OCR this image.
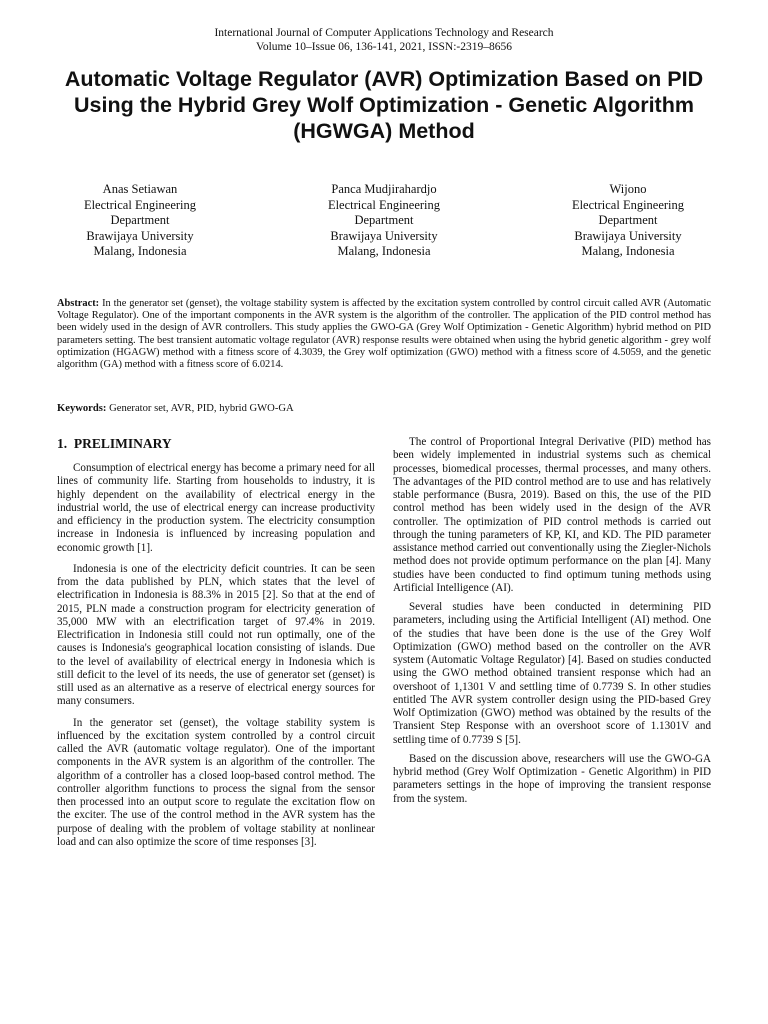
International Journal of Computer Applications Technology and Research
Volume 10–Issue 06, 136-141, 2021, ISSN:-2319–8656
Automatic Voltage Regulator (AVR) Optimization Based on PID Using the Hybrid Grey Wolf Optimization - Genetic Algorithm (HGWGA) Method
Anas Setiawan
Electrical Engineering
Department
Brawijaya University
Malang, Indonesia
Panca Mudjirahardjo
Electrical Engineering
Department
Brawijaya University
Malang, Indonesia
Wijono
Electrical Engineering
Department
Brawijaya University
Malang, Indonesia
Abstract: In the generator set (genset), the voltage stability system is affected by the excitation system controlled by control circuit called AVR (Automatic Voltage Regulator). One of the important components in the AVR system is the algorithm of the controller. The application of the PID control method has been widely used in the design of AVR controllers. This study applies the GWO-GA (Grey Wolf Optimization - Genetic Algorithm) hybrid method on PID parameters setting. The best transient automatic voltage regulator (AVR) response results were obtained when using the hybrid genetic algorithm - grey wolf optimization (HGAGW) method with a fitness score of 4.3039, the Grey wolf optimization (GWO) method with a fitness score of 4.5059, and the genetic algorithm (GA) method with a fitness score of 6.0214.
Keywords: Generator set, AVR, PID, hybrid GWO-GA
1. PRELIMINARY

Consumption of electrical energy has become a primary need for all lines of community life. Starting from households to industry, it is highly dependent on the availability of electrical energy in the industrial world, the use of electrical energy can increase productivity and efficiency in the production system. The electricity consumption increase in Indonesia is influenced by increasing population and economic growth [1].

Indonesia is one of the electricity deficit countries. It can be seen from the data published by PLN, which states that the level of electrification in Indonesia is 88.3% in 2015 [2]. So that at the end of 2015, PLN made a construction program for electricity generation of 35,000 MW with an electrification target of 97.4% in 2019. Electrification in Indonesia still could not run optimally, one of the causes is Indonesia's geographical location consisting of islands. Due to the level of availability of electrical energy in Indonesia which is still deficit to the level of its needs, the use of generator set (genset) is still used as an alternative as a reserve of electrical energy sources for many consumers.

In the generator set (genset), the voltage stability system is influenced by the excitation system controlled by a control circuit called the AVR (automatic voltage regulator). One of the important components in the AVR system is an algorithm of the controller. The algorithm of a controller has a closed loop-based control method. The controller algorithm functions to process the signal from the sensor then processed into an output score to regulate the excitation flow on the exciter. The use of the control method in the AVR system has the purpose of dealing with the problem of voltage stability at nonlinear load and can also optimize the score of time responses [3].

The control of Proportional Integral Derivative (PID) method has been widely implemented in industrial systems such as chemical processes, biomedical processes, thermal processes, and many others. The advantages of the PID control method are to use and has relatively stable performance (Busra, 2019). Based on this, the use of the PID control method has been widely used in the design of the AVR controller. The optimization of PID control methods is carried out through the tuning parameters of KP, KI, and KD. The PID parameter assistance method carried out conventionally using the Ziegler-Nichols method does not provide optimum performance on the plan [4]. Many studies have been conducted to find optimum tuning methods using Artificial Intelligence (AI).

Several studies have been conducted in determining PID parameters, including using the Artificial Intelligent (AI) method. One of the studies that have been done is the use of the Grey Wolf Optimization (GWO) method based on the controller on the AVR system (Automatic Voltage Regulator) [4]. Based on studies conducted using the GWO method obtained transient response which had an overshoot of 1,1301 V and settling time of 0.7739 S. In other studies entitled The AVR system controller design using the PID-based Grey Wolf Optimization (GWO) method was obtained by the results of the Transient Step Response with an overshoot score of 1.1301V and settling time of 0.7739 S [5].

Based on the discussion above, researchers will use the GWO-GA hybrid method (Grey Wolf Optimization - Genetic Algorithm) in PID parameters settings in the hope of improving the transient response from the system.
